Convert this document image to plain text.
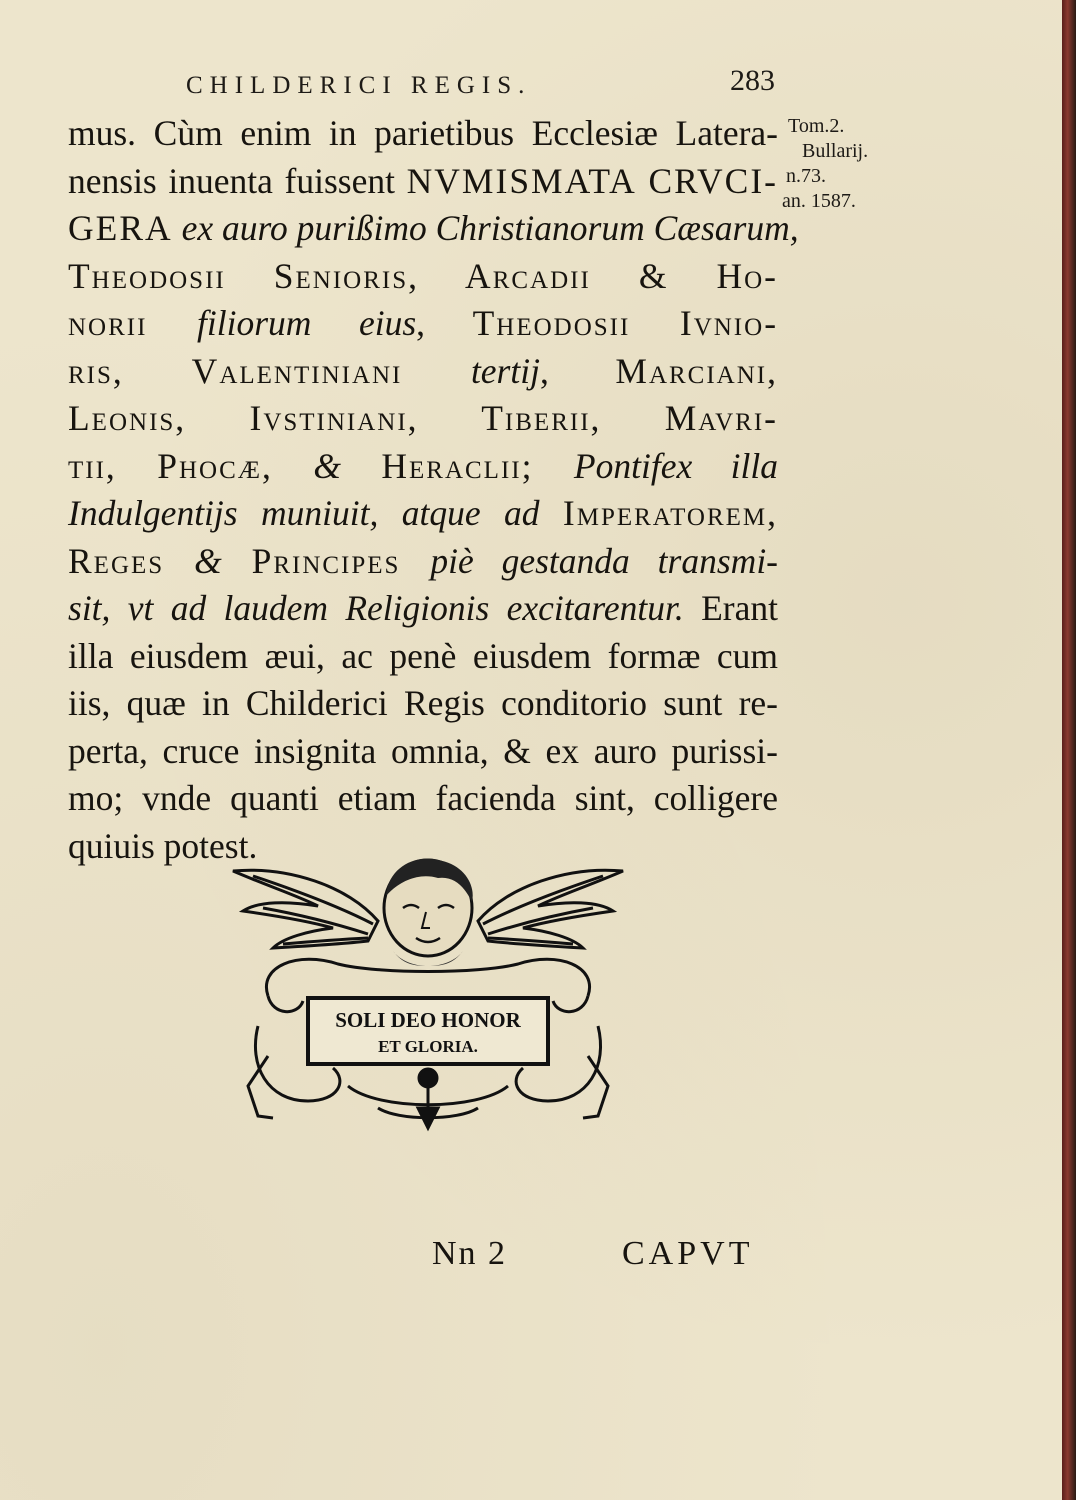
CHILDERICI REGIS.	283
Tom.2.
Bullarij.
n.73.
an. 1587.
mus. Cùm enim in parietibus Ecclesiæ Latera-
nensis inuenta fuissent NVMISMATA CRVCI-
GERA ex auro purißimo Christianorum Cæsarum,
Theodosii Senioris, Arcadii & Ho-
norii filiorum eius, Theodosii Ivnio-
ris, Valentiniani tertij, Marciani,
Leonis, Ivstiniani, Tiberii, Mavri-
tii, Phocæ, & Heraclii; Pontifex illa
Indulgentijs muniuit, atque ad Imperatorem,
Reges & Principes piè gestanda transmi-
sit, vt ad laudem Religionis excitarentur. Erant
illa eiusdem æui, ac penè eiusdem formæ cum
iis, quæ in Childerici Regis conditorio sunt re-
perta, cruce insignita omnia, & ex auro purissi-
mo; vnde quanti etiam facienda sint, colligere
quiuis potest.
SOLI DEO HONOR
ET GLORIA.
Nn 2	CAPVT
